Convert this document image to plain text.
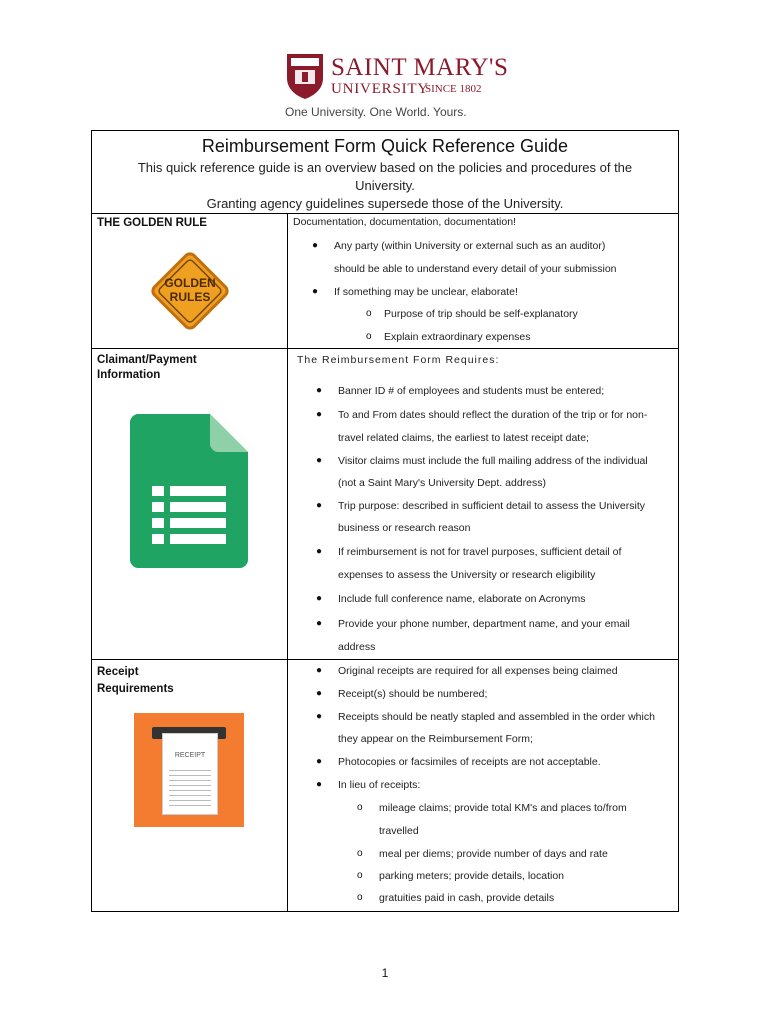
SAINT MARY'S
UNIVERSITY
SINCE 1802
One University. One World. Yours.
Reimbursement Form Quick Reference Guide
This quick reference guide is an overview based on the policies and procedures of the
University.
Granting agency guidelines supersede those of the University.
THE GOLDEN RULE
GOLDEN
RULES
Documentation, documentation, documentation!
● Any party (within University or external such as an auditor)
should be able to understand every detail of your submission
● If something may be unclear, elaborate!
o Purpose of trip should be self-explanatory
o Explain extraordinary expenses
Claimant/Payment
Information
The Reimbursement Form Requires:
● Banner ID # of employees and students must be entered;
● To and From dates should reflect the duration of the trip or for non-
travel related claims, the earliest to latest receipt date;
● Visitor claims must include the full mailing address of the individual
(not a Saint Mary's University Dept. address)
● Trip purpose: described in sufficient detail to assess the University
business or research reason
● If reimbursement is not for travel purposes, sufficient detail of
expenses to assess the University or research eligibility
● Include full conference name, elaborate on Acronyms
● Provide your phone number, department name, and your email
address
Receipt
Requirements
RECEIPT
● Original receipts are required for all expenses being claimed
● Receipt(s) should be numbered;
● Receipts should be neatly stapled and assembled in the order which
they appear on the Reimbursement Form;
● Photocopies or facsimiles of receipts are not acceptable.
● In lieu of receipts:
o mileage claims; provide total KM's and places to/from
travelled
o meal per diems; provide number of days and rate
o parking meters; provide details, location
o gratuities paid in cash, provide details
1
